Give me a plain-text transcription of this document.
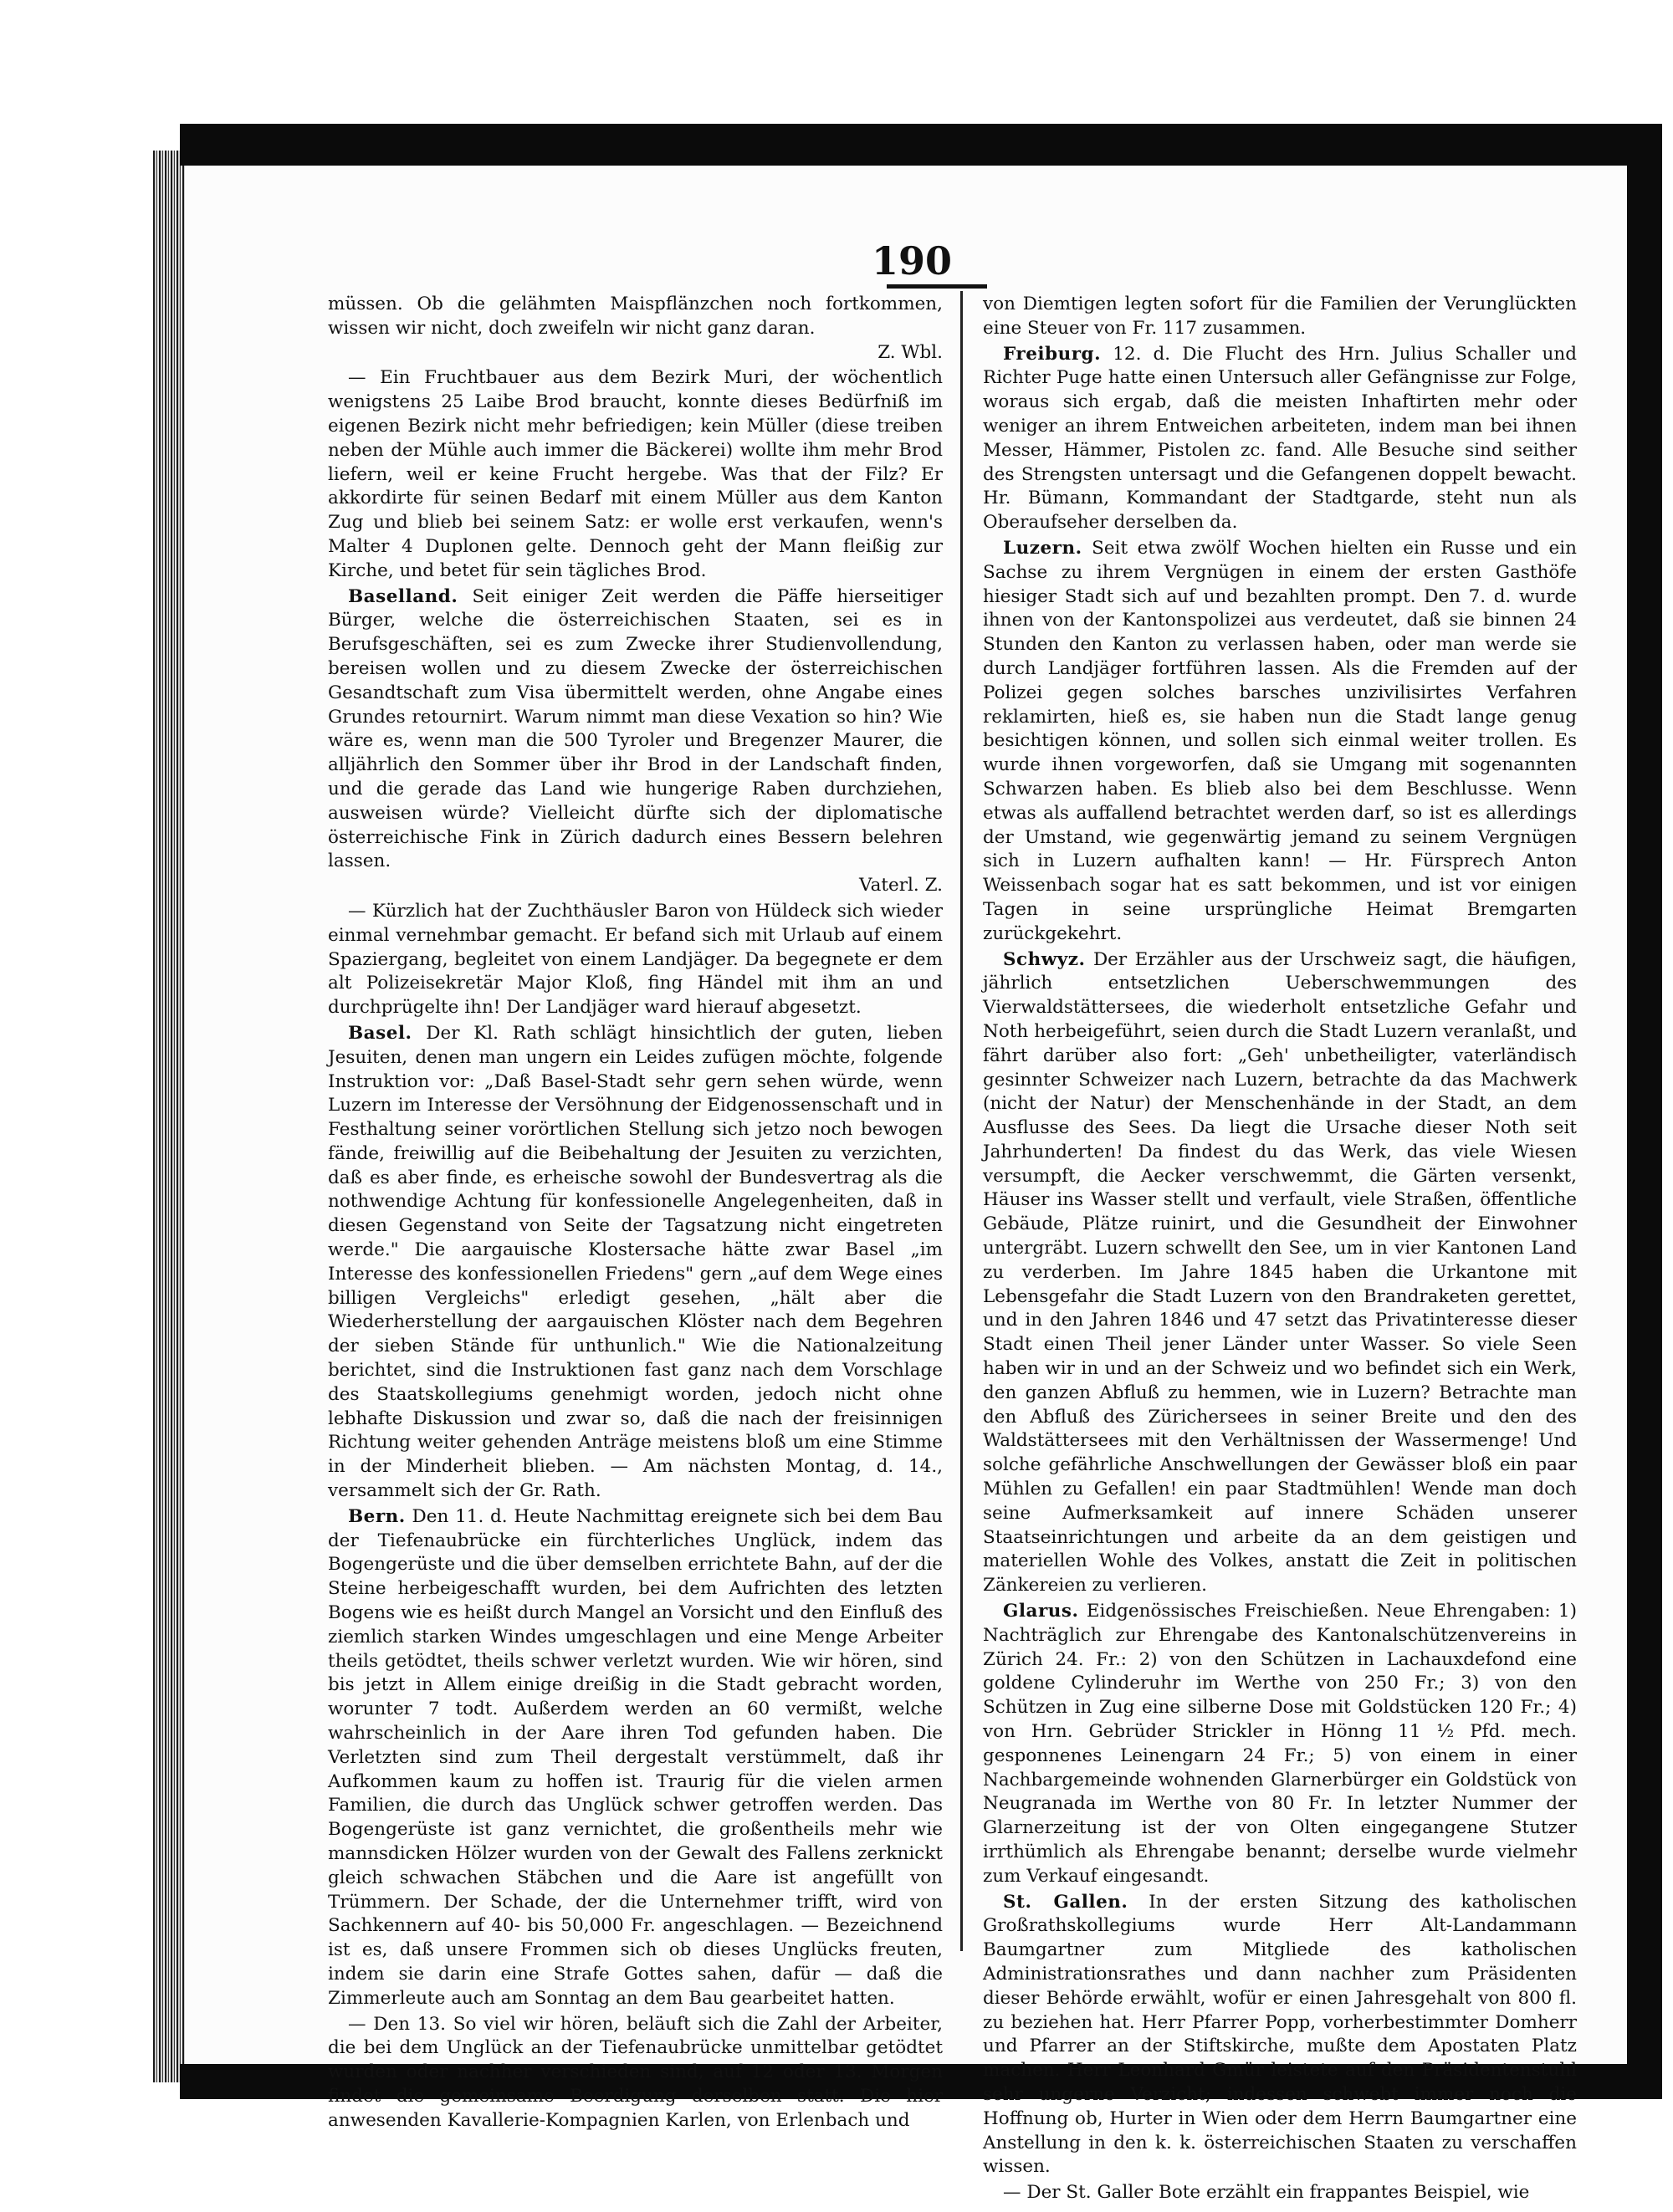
190

müssen. Ob die gelähmten Maispflänzchen noch fortkommen, wissen wir nicht, doch zweifeln wir nicht ganz daran.
Z. Wbl.

— Ein Fruchtbauer aus dem Bezirk Muri, der wöchentlich wenigstens 25 Laibe Brod braucht, konnte dieses Bedürfniß im eigenen Bezirk nicht mehr befriedigen; kein Müller (diese treiben neben der Mühle auch immer die Bäckerei) wollte ihm mehr Brod liefern, weil er keine Frucht hergebe. Was that der Filz? Er akkordirte für seinen Bedarf mit einem Müller aus dem Kanton Zug und blieb bei seinem Satz: er wolle erst verkaufen, wenn's Malter 4 Duplonen gelte. Dennoch geht der Mann fleißig zur Kirche, und betet für sein tägliches Brod.

Baselland. Seit einiger Zeit werden die Päffe hierseitiger Bürger, welche die österreichischen Staaten, sei es in Berufsgeschäften, sei es zum Zwecke ihrer Studienvollendung, bereisen wollen und zu diesem Zwecke der österreichischen Gesandtschaft zum Visa übermittelt werden, ohne Angabe eines Grundes retournirt. Warum nimmt man diese Vexation so hin? Wie wäre es, wenn man die 500 Tyroler und Bregenzer Maurer, die alljährlich den Sommer über ihr Brod in der Landschaft finden, und die gerade das Land wie hungerige Raben durchziehen, ausweisen würde? Vielleicht dürfte sich der diplomatische österreichische Fink in Zürich dadurch eines Bessern belehren lassen.
Vaterl. Z.

— Kürzlich hat der Zuchthäusler Baron von Hüldeck sich wieder einmal vernehmbar gemacht. Er befand sich mit Urlaub auf einem Spaziergang, begleitet von einem Landjäger. Da begegnete er dem alt Polizeisekretär Major Kloß, fing Händel mit ihm an und durchprügelte ihn! Der Landjäger ward hierauf abgesetzt.

Basel. Der Kl. Rath schlägt hinsichtlich der guten, lieben Jesuiten, denen man ungern ein Leides zufügen möchte, folgende Instruktion vor: „Daß Basel-Stadt sehr gern sehen würde, wenn Luzern im Interesse der Versöhnung der Eidgenossenschaft und in Festhaltung seiner vorörtlichen Stellung sich jetzo noch bewogen fände, freiwillig auf die Beibehaltung der Jesuiten zu verzichten, daß es aber finde, es erheische sowohl der Bundesvertrag als die nothwendige Achtung für konfessionelle Angelegenheiten, daß in diesen Gegenstand von Seite der Tagsatzung nicht eingetreten werde." Die aargauische Klostersache hätte zwar Basel „im Interesse des konfessionellen Friedens" gern „auf dem Wege eines billigen Vergleichs" erledigt gesehen, „hält aber die Wiederherstellung der aargauischen Klöster nach dem Begehren der sieben Stände für unthunlich." Wie die Nationalzeitung berichtet, sind die Instruktionen fast ganz nach dem Vorschlage des Staatskollegiums genehmigt worden, jedoch nicht ohne lebhafte Diskussion und zwar so, daß die nach der freisinnigen Richtung weiter gehenden Anträge meistens bloß um eine Stimme in der Minderheit blieben. — Am nächsten Montag, d. 14., versammelt sich der Gr. Rath.

Bern. Den 11. d. Heute Nachmittag ereignete sich bei dem Bau der Tiefenaubrücke ein fürchterliches Unglück, indem das Bogengerüste und die über demselben errichtete Bahn, auf der die Steine herbeigeschafft wurden, bei dem Aufrichten des letzten Bogens wie es heißt durch Mangel an Vorsicht und den Einfluß des ziemlich starken Windes umgeschlagen und eine Menge Arbeiter theils getödtet, theils schwer verletzt wurden. Wie wir hören, sind bis jetzt in Allem einige dreißig in die Stadt gebracht worden, worunter 7 todt. Außerdem werden an 60 vermißt, welche wahrscheinlich in der Aare ihren Tod gefunden haben. Die Verletzten sind zum Theil dergestalt verstümmelt, daß ihr Aufkommen kaum zu hoffen ist. Traurig für die vielen armen Familien, die durch das Unglück schwer getroffen werden. Das Bogengerüste ist ganz vernichtet, die großentheils mehr wie mannsdicken Hölzer wurden von der Gewalt des Fallens zerknickt gleich schwachen Stäbchen und die Aare ist angefüllt von Trümmern. Der Schade, der die Unternehmer trifft, wird von Sachkennern auf 40- bis 50,000 Fr. angeschlagen. — Bezeichnend ist es, daß unsere Frommen sich ob dieses Unglücks freuten, indem sie darin eine Strafe Gottes sahen, dafür — daß die Zimmerleute auch am Sonntag an dem Bau gearbeitet hatten.

— Den 13. So viel wir hören, beläuft sich die Zahl der Arbeiter, die bei dem Unglück an der Tiefenaubrücke unmittelbar getödtet wurden oder nachher verschieden sind, auf 12 oder 13. Morgen findet die gemeinsame Beerdigung derselben statt. Die hier anwesenden Kavallerie-Kompagnien Karlen, von Erlenbach und

von Diemtigen legten sofort für die Familien der Verunglückten eine Steuer von Fr. 117 zusammen.

Freiburg. 12. d. Die Flucht des Hrn. Julius Schaller und Richter Puge hatte einen Untersuch aller Gefängnisse zur Folge, woraus sich ergab, daß die meisten Inhaftirten mehr oder weniger an ihrem Entweichen arbeiteten, indem man bei ihnen Messer, Hämmer, Pistolen zc. fand. Alle Besuche sind seither des Strengsten untersagt und die Gefangenen doppelt bewacht. Hr. Bümann, Kommandant der Stadtgarde, steht nun als Oberaufseher derselben da.

Luzern. Seit etwa zwölf Wochen hielten ein Russe und ein Sachse zu ihrem Vergnügen in einem der ersten Gasthöfe hiesiger Stadt sich auf und bezahlten prompt. Den 7. d. wurde ihnen von der Kantonspolizei aus verdeutet, daß sie binnen 24 Stunden den Kanton zu verlassen haben, oder man werde sie durch Landjäger fortführen lassen. Als die Fremden auf der Polizei gegen solches barsches unzivilisirtes Verfahren reklamirten, hieß es, sie haben nun die Stadt lange genug besichtigen können, und sollen sich einmal weiter trollen. Es wurde ihnen vorgeworfen, daß sie Umgang mit sogenannten Schwarzen haben. Es blieb also bei dem Beschlusse. Wenn etwas als auffallend betrachtet werden darf, so ist es allerdings der Umstand, wie gegenwärtig jemand zu seinem Vergnügen sich in Luzern aufhalten kann! — Hr. Fürsprech Anton Weissenbach sogar hat es satt bekommen, und ist vor einigen Tagen in seine ursprüngliche Heimat Bremgarten zurückgekehrt.

Schwyz. Der Erzähler aus der Urschweiz sagt, die häufigen, jährlich entsetzlichen Ueberschwemmungen des Vierwaldstättersees, die wiederholt entsetzliche Gefahr und Noth herbeigeführt, seien durch die Stadt Luzern veranlaßt, und fährt darüber also fort: „Geh' unbetheiligter, vaterländisch gesinnter Schweizer nach Luzern, betrachte da das Machwerk (nicht der Natur) der Menschenhände in der Stadt, an dem Ausflusse des Sees. Da liegt die Ursache dieser Noth seit Jahrhunderten! Da findest du das Werk, das viele Wiesen versumpft, die Aecker verschwemmt, die Gärten versenkt, Häuser ins Wasser stellt und verfault, viele Straßen, öffentliche Gebäude, Plätze ruinirt, und die Gesundheit der Einwohner untergräbt. Luzern schwellt den See, um in vier Kantonen Land zu verderben. Im Jahre 1845 haben die Urkantone mit Lebensgefahr die Stadt Luzern von den Brandraketen gerettet, und in den Jahren 1846 und 47 setzt das Privatinteresse dieser Stadt einen Theil jener Länder unter Wasser. So viele Seen haben wir in und an der Schweiz und wo befindet sich ein Werk, den ganzen Abfluß zu hemmen, wie in Luzern? Betrachte man den Abfluß des Zürichersees in seiner Breite und den des Waldstättersees mit den Verhältnissen der Wassermenge! Und solche gefährliche Anschwellungen der Gewässer bloß ein paar Mühlen zu Gefallen! ein paar Stadtmühlen! Wende man doch seine Aufmerksamkeit auf innere Schäden unserer Staatseinrichtungen und arbeite da an dem geistigen und materiellen Wohle des Volkes, anstatt die Zeit in politischen Zänkereien zu verlieren.

Glarus. Eidgenössisches Freischießen. Neue Ehrengaben: 1) Nachträglich zur Ehrengabe des Kantonalschützenvereins in Zürich 24. Fr.: 2) von den Schützen in Lachauxdefond eine goldene Cylinderuhr im Werthe von 250 Fr.; 3) von den Schützen in Zug eine silberne Dose mit Goldstücken 120 Fr.; 4) von Hrn. Gebrüder Strickler in Hönng 11 ½ Pfd. mech. gesponnenes Leinengarn 24 Fr.; 5) von einem in einer Nachbargemeinde wohnenden Glarnerbürger ein Goldstück von Neugranada im Werthe von 80 Fr. In letzter Nummer der Glarnerzeitung ist der von Olten eingegangene Stutzer irrthümlich als Ehrengabe benannt; derselbe wurde vielmehr zum Verkauf eingesandt.

St. Gallen. In der ersten Sitzung des katholischen Großrathskollegiums wurde Herr Alt-Landammann Baumgartner zum Mitgliede des katholischen Administrationsrathes und dann nachher zum Präsidenten dieser Behörde erwählt, wofür er einen Jahresgehalt von 800 fl. zu beziehen hat. Herr Pfarrer Popp, vorherbestimmter Domherr und Pfarrer an der Stiftskirche, mußte dem Apostaten Platz machen. Herr Leonhard Gmür leistete auf den Präsidentenstuhl sehr ungerne Verzicht; indessen schwebt immer noch die Hoffnung ob, Hurter in Wien oder dem Herrn Baumgartner eine Anstellung in den k. k. österreichischen Staaten zu verschaffen wissen.

— Der St. Galler Bote erzählt ein frappantes Beispiel, wie
